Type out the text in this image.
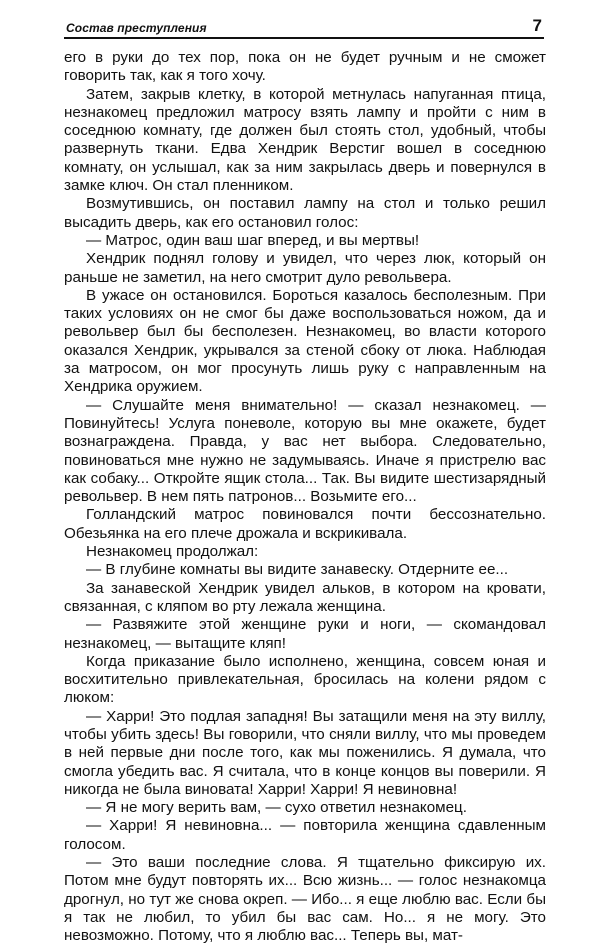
Состав преступления	7

его в руки до тех пор, пока он не будет ручным и не сможет говорить так, как я того хочу.

Затем, закрыв клетку, в которой метнулась напуганная птица, незнакомец предложил матросу взять лампу и пройти с ним в соседнюю комнату, где должен был стоять стол, удобный, чтобы развернуть ткани. Едва Хендрик Верстиг вошел в соседнюю комнату, он услышал, как за ним закрылась дверь и повернулся в замке ключ. Он стал пленником.

Возмутившись, он поставил лампу на стол и только решил высадить дверь, как его остановил голос:

— Матрос, один ваш шаг вперед, и вы мертвы!

Хендрик поднял голову и увидел, что через люк, который он раньше не заметил, на него смотрит дуло револьвера.

В ужасе он остановился. Бороться казалось бесполезным. При таких условиях он не смог бы даже воспользоваться ножом, да и револьвер был бы бесполезен. Незнакомец, во власти которого оказался Хендрик, укрывался за стеной сбоку от люка. Наблюдая за матросом, он мог просунуть лишь руку с направленным на Хендрика оружием.

— Слушайте меня внимательно! — сказал незнакомец. — Повинуйтесь! Услуга поневоле, которую вы мне окажете, будет вознаграждена. Правда, у вас нет выбора. Следовательно, повиноваться мне нужно не задумываясь. Иначе я пристрелю вас как собаку... Откройте ящик стола... Так. Вы видите шестизарядный револьвер. В нем пять патронов... Возьмите его...

Голландский матрос повиновался почти бессознательно. Обезьянка на его плече дрожала и вскрикивала.

Незнакомец продолжал:

— В глубине комнаты вы видите занавеску. Отдерните ее...

За занавеской Хендрик увидел альков, в котором на кровати, связанная, с кляпом во рту лежала женщина.

— Развяжите этой женщине руки и ноги, — скомандовал незнакомец, — вытащите кляп!

Когда приказание было исполнено, женщина, совсем юная и восхитительно привлекательная, бросилась на колени рядом с люком:

— Харри! Это подлая западня! Вы затащили меня на эту виллу, чтобы убить здесь! Вы говорили, что сняли виллу, что мы проведем в ней первые дни после того, как мы поженились. Я думала, что смогла убедить вас. Я считала, что в конце концов вы поверили. Я никогда не была виновата! Харри! Харри! Я невиновна!

— Я не могу верить вам, — сухо ответил незнакомец.

— Харри! Я невиновна... — повторила женщина сдавленным голосом.

— Это ваши последние слова. Я тщательно фиксирую их. Потом мне будут повторять их... Всю жизнь... — голос незнакомца дрогнул, но тут же снова окреп. — Ибо... я еще люблю вас. Если бы я так не любил, то убил бы вас сам. Но... я не могу. Это невозможно. Потому, что я люблю вас... Теперь вы, мат-
